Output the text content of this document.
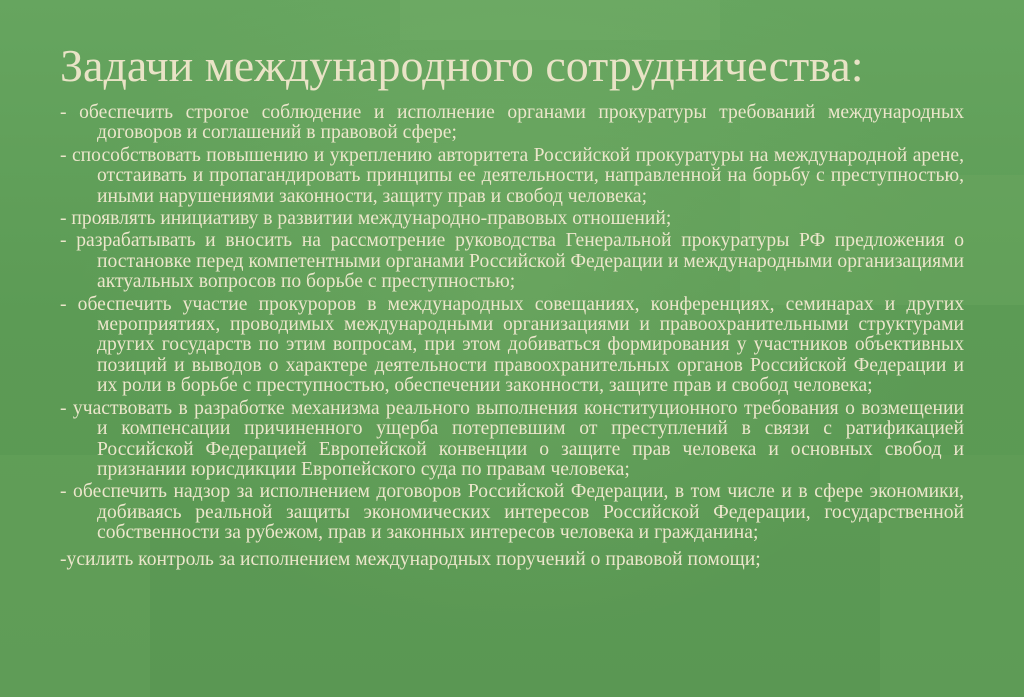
Задачи международного сотрудничества:

- обеспечить строгое соблюдение и исполнение органами прокуратуры требований международных договоров и соглашений в правовой сфере;

- способствовать повышению и укреплению авторитета Российской прокуратуры на международной арене, отстаивать и пропагандировать принципы ее деятельности, направленной на борьбу с преступностью, иными нарушениями законности, защиту прав и свобод человека;

- проявлять инициативу в развитии международно-правовых отношений;

- разрабатывать и вносить на рассмотрение руководства Генеральной прокуратуры РФ предложения о постановке перед компетентными органами Российской Федерации и международными организациями актуальных вопросов по борьбе с преступностью;

- обеспечить участие прокуроров в международных совещаниях, конференциях, семинарах и других мероприятиях, проводимых международными организациями и правоохранительными структурами других государств по этим вопросам, при этом добиваться формирования у участников объективных позиций и выводов о характере деятельности правоохранительных органов Российской Федерации и их роли в борьбе с преступностью, обеспечении законности, защите прав и свобод человека;

- участвовать в разработке механизма реального выполнения конституционного требования о возмещении и компенсации причиненного ущерба потерпевшим от преступлений в связи с ратификацией Российской Федерацией Европейской конвенции о защите прав человека и основных свобод и признании юрисдикции Европейского суда по правам человека;

- обеспечить надзор за исполнением договоров Российской Федерации, в том числе и в сфере экономики, добиваясь реальной защиты экономических интересов Российской Федерации, государственной собственности за рубежом, прав и законных интересов человека и гражданина;

-усилить контроль за исполнением международных поручений о правовой помощи;
